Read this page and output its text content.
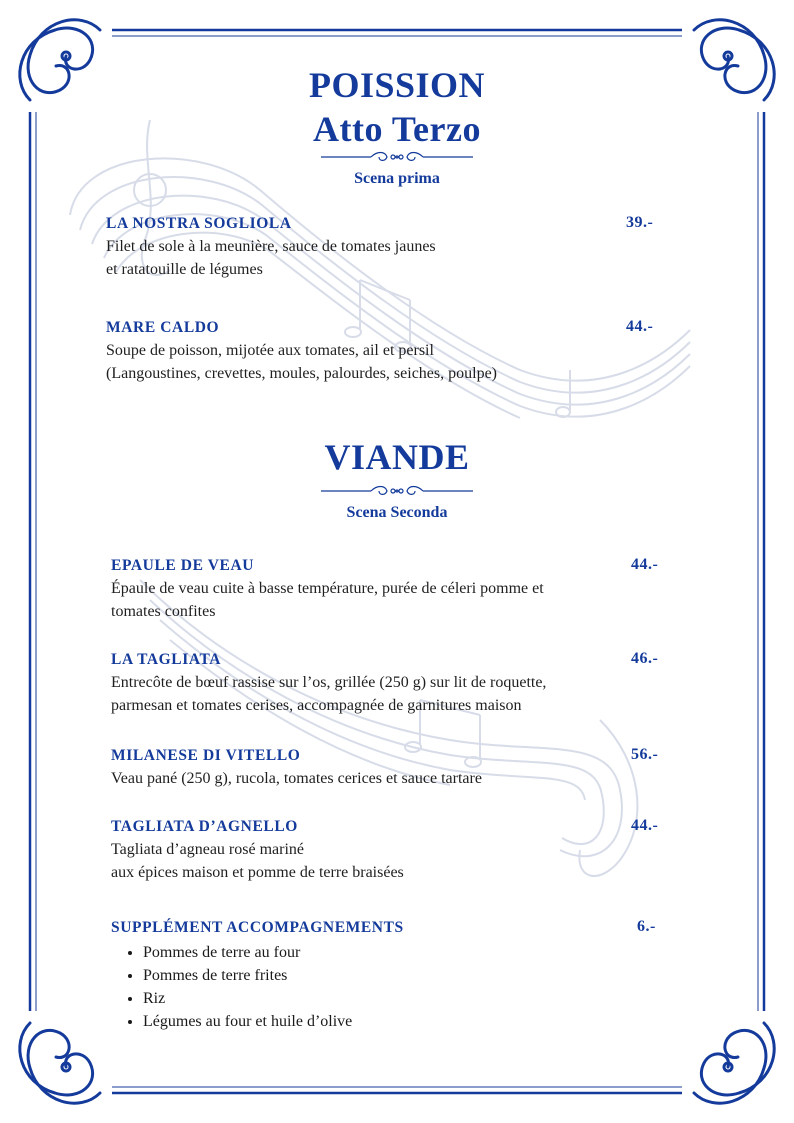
POISSION
Atto Terzo
Scena prima
LA NOSTRA SOGLIOLA
Filet de sole à la meunière, sauce de tomates jaunes
et ratatouille de légumes
39.-
MARE CALDO
Soupe de poisson, mijotée aux tomates, ail et persil
(Langoustines, crevettes, moules, palourdes, seiches, poulpe)
44.-
VIANDE
Scena Seconda
EPAULE DE VEAU
Épaule de veau cuite à basse température, purée de céleri pomme et
tomates confites
44.-
LA TAGLIATA
Entrecôte de bœuf rassise sur l’os, grillée (250 g) sur lit de roquette,
parmesan et tomates cerises, accompagnée de garnitures maison
46.-
MILANESE DI VITELLO
Veau pané (250 g), rucola, tomates cerices et sauce tartare
56.-
TAGLIATA D’AGNELLO
Tagliata d’agneau rosé mariné
aux épices maison et pomme de terre braisées
44.-
SUPPLÉMENT ACCOMPAGNEMENTS
• Pommes de terre au four
• Pommes de terre frites
• Riz
• Légumes au four et huile d’olive
6.-
